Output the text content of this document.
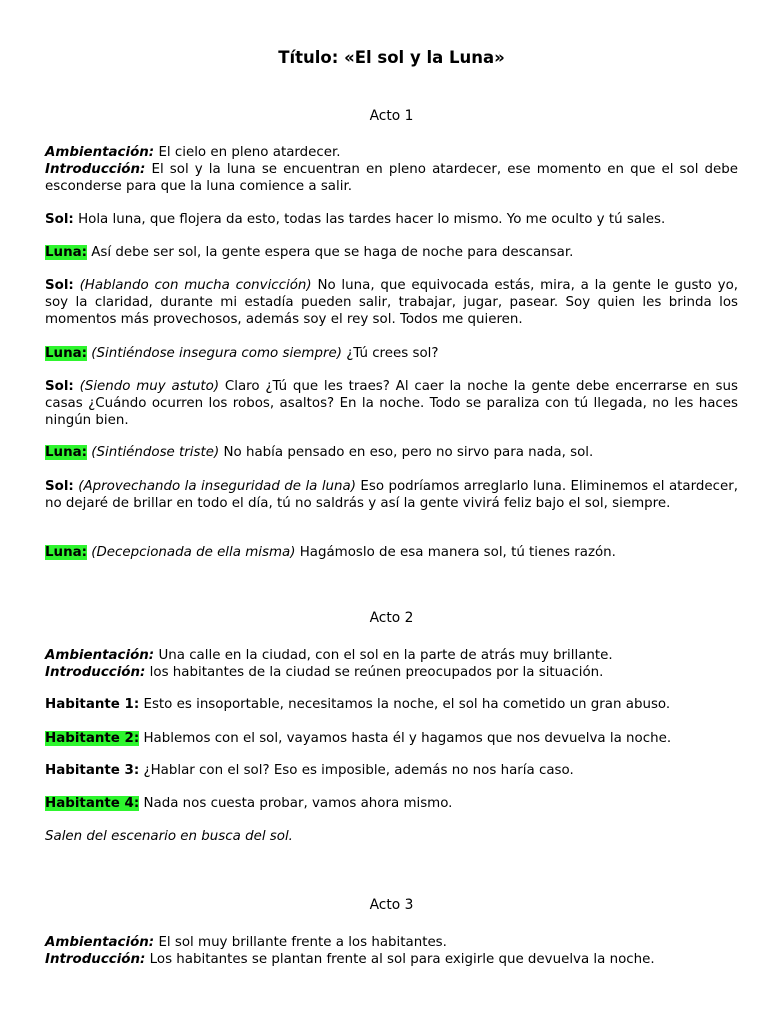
Título: «El sol y la Luna»
Acto 1

Ambientación: El cielo en pleno atardecer.

Introducción: El sol y la luna se encuentran en pleno atardecer, ese momento en que el sol debe esconderse para que la luna comience a salir.

Sol: Hola luna, que flojera da esto, todas las tardes hacer lo mismo. Yo me oculto y tú sales.

Luna: Así debe ser sol, la gente espera que se haga de noche para descansar.

Sol: (Hablando con mucha convicción) No luna, que equivocada estás, mira, a la gente le gusto yo, soy la claridad, durante mi estadía pueden salir, trabajar, jugar, pasear. Soy quien les brinda los momentos más provechosos, además soy el rey sol. Todos me quieren.

Luna: (Sintiéndose insegura como siempre) ¿Tú crees sol?

Sol: (Siendo muy astuto) Claro ¿Tú que les traes? Al caer la noche la gente debe encerrarse en sus casas ¿Cuándo ocurren los robos, asaltos? En la noche. Todo se paraliza con tú llegada, no les haces ningún bien.

Luna: (Sintiéndose triste) No había pensado en eso, pero no sirvo para nada, sol.

Sol: (Aprovechando la inseguridad de la luna) Eso podríamos arreglarlo luna. Eliminemos el atardecer, no dejaré de brillar en todo el día, tú no saldrás y así la gente vivirá feliz bajo el sol, siempre.

Luna: (Decepcionada de ella misma) Hagámoslo de esa manera sol, tú tienes razón.

Acto 2

Ambientación: Una calle en la ciudad, con el sol en la parte de atrás muy brillante.

Introducción: los habitantes de la ciudad se reúnen preocupados por la situación.

Habitante 1: Esto es insoportable, necesitamos la noche, el sol ha cometido un gran abuso.

Habitante 2: Hablemos con el sol, vayamos hasta él y hagamos que nos devuelva la noche.

Habitante 3: ¿Hablar con el sol? Eso es imposible, además no nos haría caso.

Habitante 4: Nada nos cuesta probar, vamos ahora mismo.

Salen del escenario en busca del sol.

Acto 3

Ambientación: El sol muy brillante frente a los habitantes.

Introducción: Los habitantes se plantan frente al sol para exigirle que devuelva la noche.
